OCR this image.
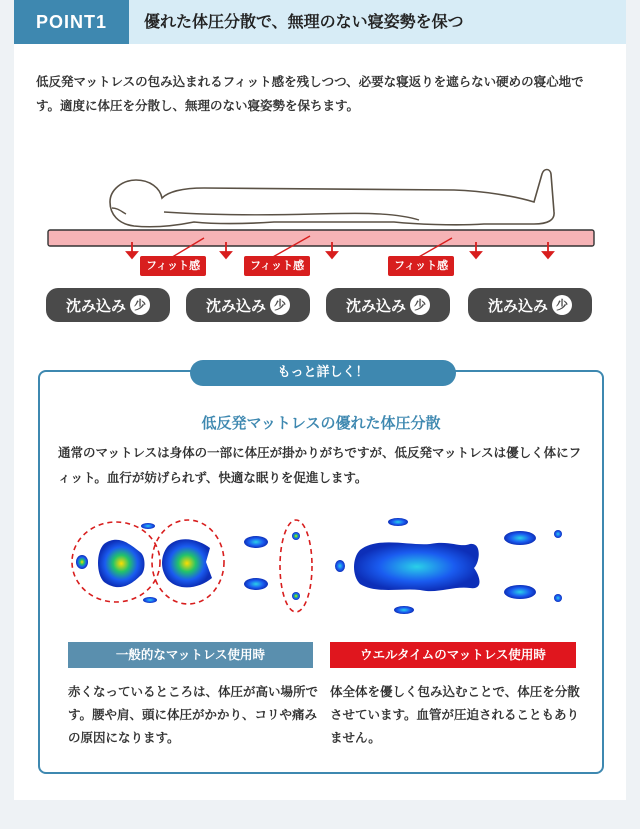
POINT1	優れた体圧分散で、無理のない寝姿勢を保つ

低反発マットレスの包み込まれるフィット感を残しつつ、必要な寝返りを遮らない硬めの寝心地です。適度に体圧を分散し、無理のない寝姿勢を保ちます。

フィット感	フィット感	フィット感
沈み込み 少	沈み込み 少	沈み込み 少	沈み込み 少
もっと詳しく！
低反発マットレスの優れた体圧分散

通常のマットレスは身体の一部に体圧が掛かりがちですが、低反発マットレスは優しく体にフィット。血行が妨げられず、快適な眠りを促進します。

一般的なマットレス使用時	ウエルタイムのマットレス使用時

赤くなっているところは、体圧が高い場所です。腰や肩、頭に体圧がかかり、コリや痛みの原因になります。

体全体を優しく包み込むことで、体圧を分散させています。血管が圧迫されることもありません。
